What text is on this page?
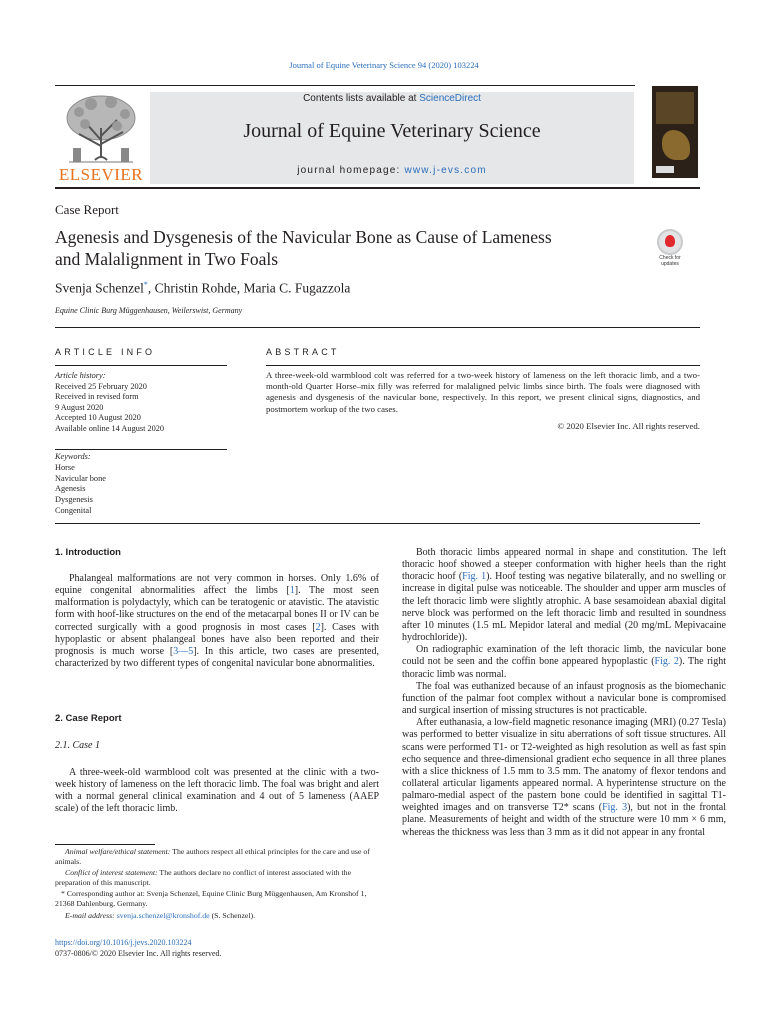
Journal of Equine Veterinary Science 94 (2020) 103224
ELSEVIER
Contents lists available at ScienceDirect
Journal of Equine Veterinary Science
journal homepage: www.j-evs.com
Case Report
Agenesis and Dysgenesis of the Navicular Bone as Cause of Lameness
and Malalignment in Two Foals	Check for
updates
Svenja Schenzel*, Christin Rohde, Maria C. Fugazzola
Equine Clinic Burg Müggenhausen, Weilerswist, Germany
ARTICLE INFO	ABSTRACT
Article history:
Received 25 February 2020
Received in revised form
9 August 2020
Accepted 10 August 2020
Available online 14 August 2020
Keywords:
Horse
Navicular bone
Agenesis
Dysgenesis
Congenital
A three-week-old warmblood colt was referred for a two-week history of lameness on the left thoracic limb, and a two-month-old Quarter Horse–mix filly was referred for malaligned pelvic limbs since birth. The foals were diagnosed with agenesis and dysgenesis of the navicular bone, respectively. In this report, we present clinical signs, diagnostics, and postmortem workup of the two cases.
© 2020 Elsevier Inc. All rights reserved.
1. Introduction

Phalangeal malformations are not very common in horses. Only 1.6% of equine congenital abnormalities affect the limbs [1]. The most seen malformation is polydactyly, which can be teratogenic or atavistic. The atavistic form with hoof-like structures on the end of the metacarpal bones II or IV can be corrected surgically with a good prognosis in most cases [2]. Cases with hypoplastic or absent phalangeal bones have also been reported and their prognosis is much worse [3—5]. In this article, two cases are presented, characterized by two different types of congenital navicular bone abnormalities.

2. Case Report
2.1. Case 1

A three-week-old warmblood colt was presented at the clinic with a two-week history of lameness on the left thoracic limb. The foal was bright and alert with a normal general clinical examination and 4 out of 5 lameness (AAEP scale) of the left thoracic limb.

Animal welfare/ethical statement: The authors respect all ethical principles for the care and use of animals.
Conflict of interest statement: The authors declare no conflict of interest associated with the preparation of this manuscript.
* Corresponding author at: Svenja Schenzel, Equine Clinic Burg Müggenhausen, Am Kronshof 1, 21368 Dahlenburg, Germany.
E-mail address: svenja.schenzel@kronshof.de (S. Schenzel).

Both thoracic limbs appeared normal in shape and constitution. The left thoracic hoof showed a steeper conformation with higher heels than the right thoracic hoof (Fig. 1). Hoof testing was negative bilaterally, and no swelling or increase in digital pulse was noticeable. The shoulder and upper arm muscles of the left thoracic limb were slightly atrophic. A base sesamoidean abaxial digital nerve block was performed on the left thoracic limb and resulted in soundness after 10 minutes (1.5 mL Mepidor lateral and medial (20 mg/mL Mepivacaine hydrochloride)).

On radiographic examination of the left thoracic limb, the navicular bone could not be seen and the coffin bone appeared hypoplastic (Fig. 2). The right thoracic limb was normal.

The foal was euthanized because of an infaust prognosis as the biomechanic function of the palmar foot complex without a navicular bone is compromised and surgical insertion of missing structures is not practicable.

After euthanasia, a low-field magnetic resonance imaging (MRI) (0.27 Tesla) was performed to better visualize in situ aberrations of soft tissue structures. All scans were performed T1- or T2-weighted as high resolution as well as fast spin echo sequence and three-dimensional gradient echo sequence in all three planes with a slice thickness of 1.5 mm to 3.5 mm. The anatomy of flexor tendons and collateral articular ligaments appeared normal. A hyperintense structure on the palmaro-medial aspect of the pastern bone could be identified in sagittal T1-weighted images and on transverse T2* scans (Fig. 3), but not in the frontal plane. Measurements of height and width of the structure were 10 mm × 6 mm, whereas the thickness was less than 3 mm as it did not appear in any frontal

https://doi.org/10.1016/j.jevs.2020.103224
0737-0806/© 2020 Elsevier Inc. All rights reserved.
